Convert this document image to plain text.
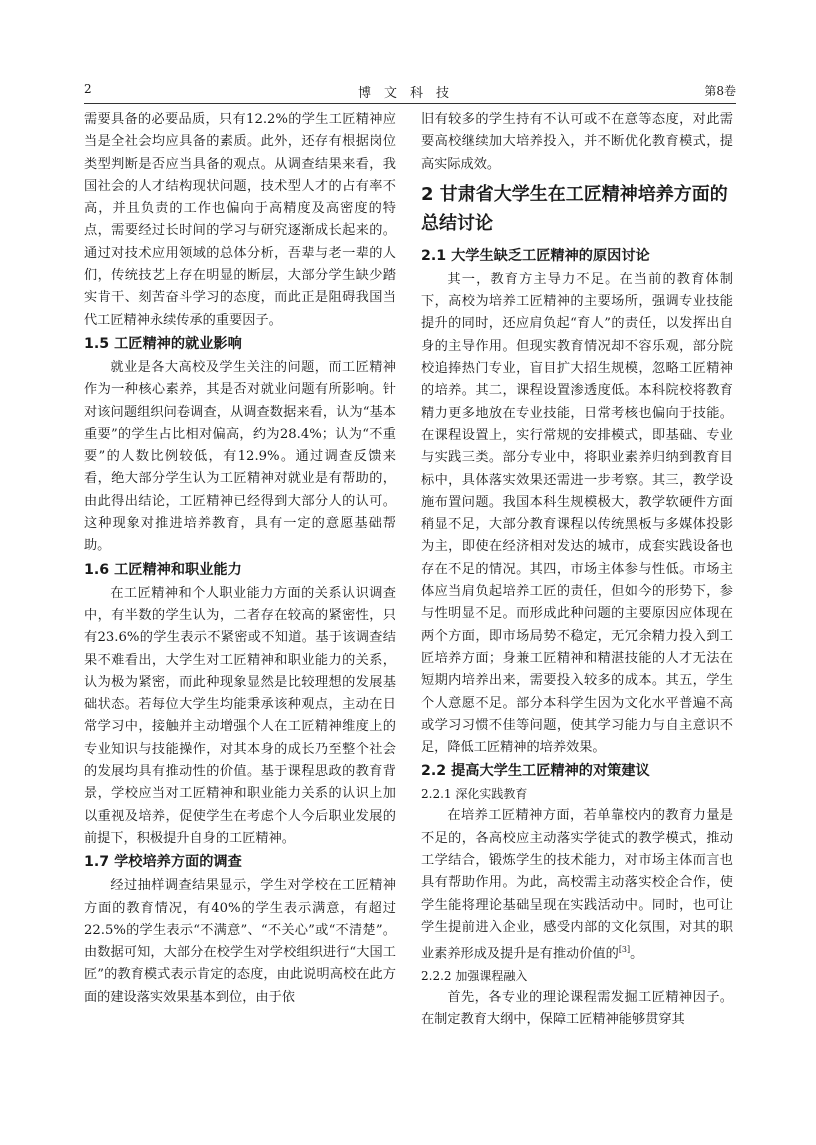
2	博文科技	第8卷

需要具备的必要品质，只有12.2%的学生工匠精神应当是全社会均应具备的素质。此外，还存有根据岗位类型判断是否应当具备的观点。从调查结果来看，我国社会的人才结构现状问题，技术型人才的占有率不高，并且负责的工作也偏向于高精度及高密度的特点，需要经过长时间的学习与研究逐渐成长起来的。通过对技术应用领域的总体分析，吾辈与老一辈的人们，传统技艺上存在明显的断层，大部分学生缺少踏实肯干、刻苦奋斗学习的态度，而此正是阻碍我国当代工匠精神永续传承的重要因子。

1.5 工匠精神的就业影响

就业是各大高校及学生关注的问题，而工匠精神作为一种核心素养，其是否对就业问题有所影响。针对该问题组织问卷调查，从调查数据来看，认为“基本重要”的学生占比相对偏高，约为28.4%；认为“不重要”的人数比例较低，有12.9%。通过调查反馈来看，绝大部分学生认为工匠精神对就业是有帮助的，由此得出结论，工匠精神已经得到大部分人的认可。这种现象对推进培养教育，具有一定的意愿基础帮助。

1.6 工匠精神和职业能力

在工匠精神和个人职业能力方面的关系认识调查中，有半数的学生认为，二者存在较高的紧密性，只有23.6%的学生表示不紧密或不知道。基于该调查结果不难看出，大学生对工匠精神和职业能力的关系，认为极为紧密，而此种现象显然是比较理想的发展基础状态。若每位大学生均能秉承该种观点，主动在日常学习中，接触并主动增强个人在工匠精神维度上的专业知识与技能操作，对其本身的成长乃至整个社会的发展均具有推动性的价值。基于课程思政的教育背景，学校应当对工匠精神和职业能力关系的认识上加以重视及培养，促使学生在考虑个人今后职业发展的前提下，积极提升自身的工匠精神。

1.7 学校培养方面的调查

经过抽样调查结果显示，学生对学校在工匠精神方面的教育情况，有40%的学生表示满意，有超过22.5%的学生表示“不满意”、“不关心”或“不清楚”。由数据可知，大部分在校学生对学校组织进行“大国工匠”的教育模式表示肯定的态度，由此说明高校在此方面的建设落实效果基本到位，由于依

旧有较多的学生持有不认可或不在意等态度，对此需要高校继续加大培养投入，并不断优化教育模式，提高实际成效。

2 甘肃省大学生在工匠精神培养方面的总结讨论
2.1 大学生缺乏工匠精神的原因讨论

其一，教育方主导力不足。在当前的教育体制下，高校为培养工匠精神的主要场所，强调专业技能提升的同时，还应肩负起“育人”的责任，以发挥出自身的主导作用。但现实教育情况却不容乐观，部分院校追捧热门专业，盲目扩大招生规模，忽略工匠精神的培养。其二，课程设置渗透度低。本科院校将教育精力更多地放在专业技能，日常考核也偏向于技能。在课程设置上，实行常规的安排模式，即基础、专业与实践三类。部分专业中，将职业素养归纳到教育目标中，具体落实效果还需进一步考察。其三，教学设施布置问题。我国本科生规模极大，教学软硬件方面稍显不足，大部分教育课程以传统黑板与多媒体投影为主，即使在经济相对发达的城市，成套实践设备也存在不足的情况。其四，市场主体参与性低。市场主体应当肩负起培养工匠的责任，但如今的形势下，参与性明显不足。而形成此种问题的主要原因应体现在两个方面，即市场局势不稳定，无冗余精力投入到工匠培养方面；身兼工匠精神和精湛技能的人才无法在短期内培养出来，需要投入较多的成本。其五，学生个人意愿不足。部分本科学生因为文化水平普遍不高或学习习惯不佳等问题，使其学习能力与自主意识不足，降低工匠精神的培养效果。

2.2 提高大学生工匠精神的对策建议
2.2.1 深化实践教育

在培养工匠精神方面，若单靠校内的教育力量是不足的，各高校应主动落实学徒式的教学模式，推动工学结合，锻炼学生的技术能力，对市场主体而言也具有帮助作用。为此，高校需主动落实校企合作，使学生能将理论基础呈现在实践活动中。同时，也可让学生提前进入企业，感受内部的文化氛围，对其的职业素养形成及提升是有推动价值的[3]。

2.2.2 加强课程融入

首先，各专业的理论课程需发掘工匠精神因子。在制定教育大纲中，保障工匠精神能够贯穿其
